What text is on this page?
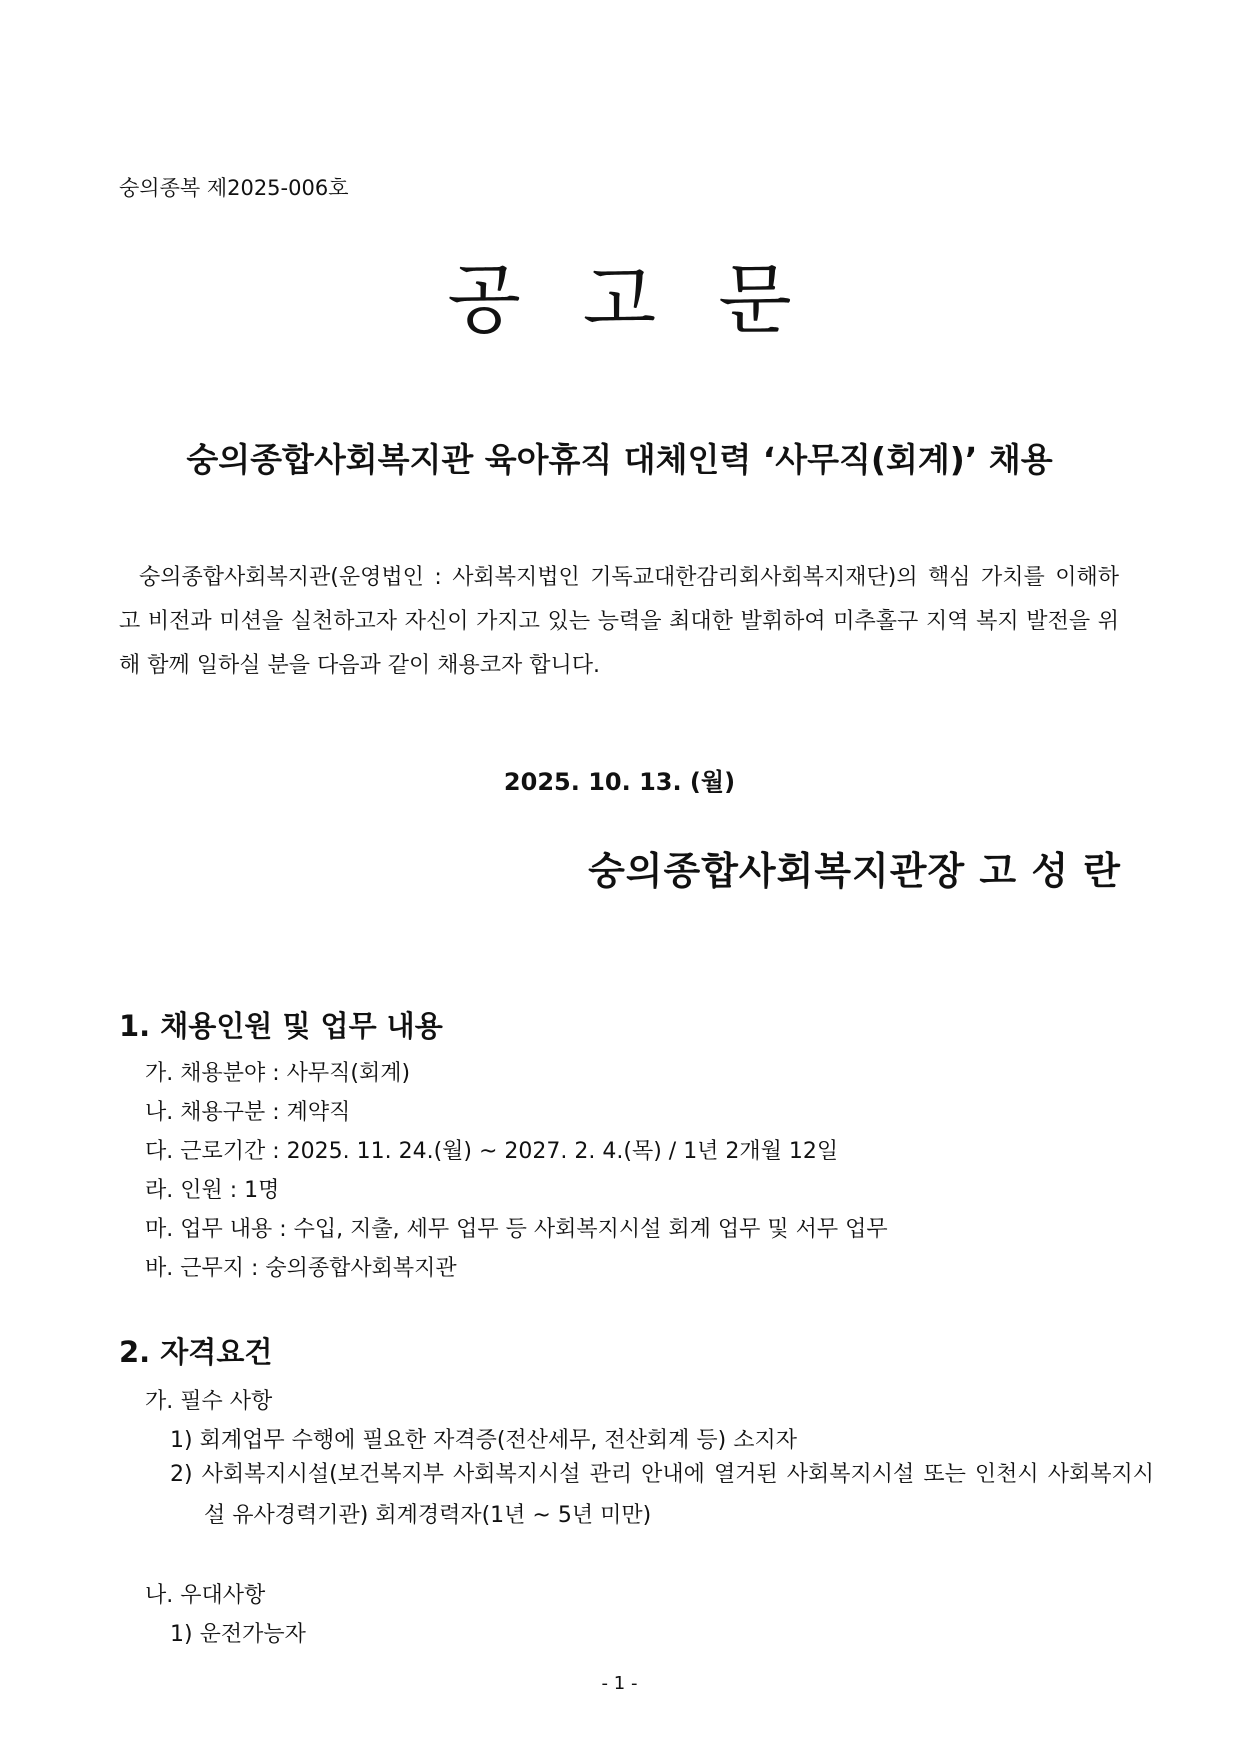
숭의종복 제2025-006호
공고문
숭의종합사회복지관 육아휴직 대체인력 ‘사무직(회계)’ 채용
숭의종합사회복지관(운영법인 : 사회복지법인 기독교대한감리회사회복지재단)의 핵심 가치를 이해하고 비전과 미션을 실천하고자 자신이 가지고 있는 능력을 최대한 발휘하여 미추홀구 지역 복지 발전을 위해 함께 일하실 분을 다음과 같이 채용코자 합니다.
2025. 10. 13. (월)
숭의종합사회복지관장 고 성 란
1. 채용인원 및 업무 내용
가. 채용분야 : 사무직(회계)
나. 채용구분 : 계약직
다. 근로기간 : 2025. 11. 24.(월) ~ 2027. 2. 4.(목) / 1년 2개월 12일
라. 인원 : 1명
마. 업무 내용 : 수입, 지출, 세무 업무 등 사회복지시설 회계 업무 및 서무 업무
바. 근무지 : 숭의종합사회복지관
2. 자격요건
가. 필수 사항
1) 회계업무 수행에 필요한 자격증(전산세무, 전산회계 등) 소지자
2) 사회복지시설(보건복지부 사회복지시설 관리 안내에 열거된 사회복지시설 또는 인천시 사회복지시설 유사경력기관) 회계경력자(1년 ~ 5년 미만)
나. 우대사항
1) 운전가능자
- 1 -
